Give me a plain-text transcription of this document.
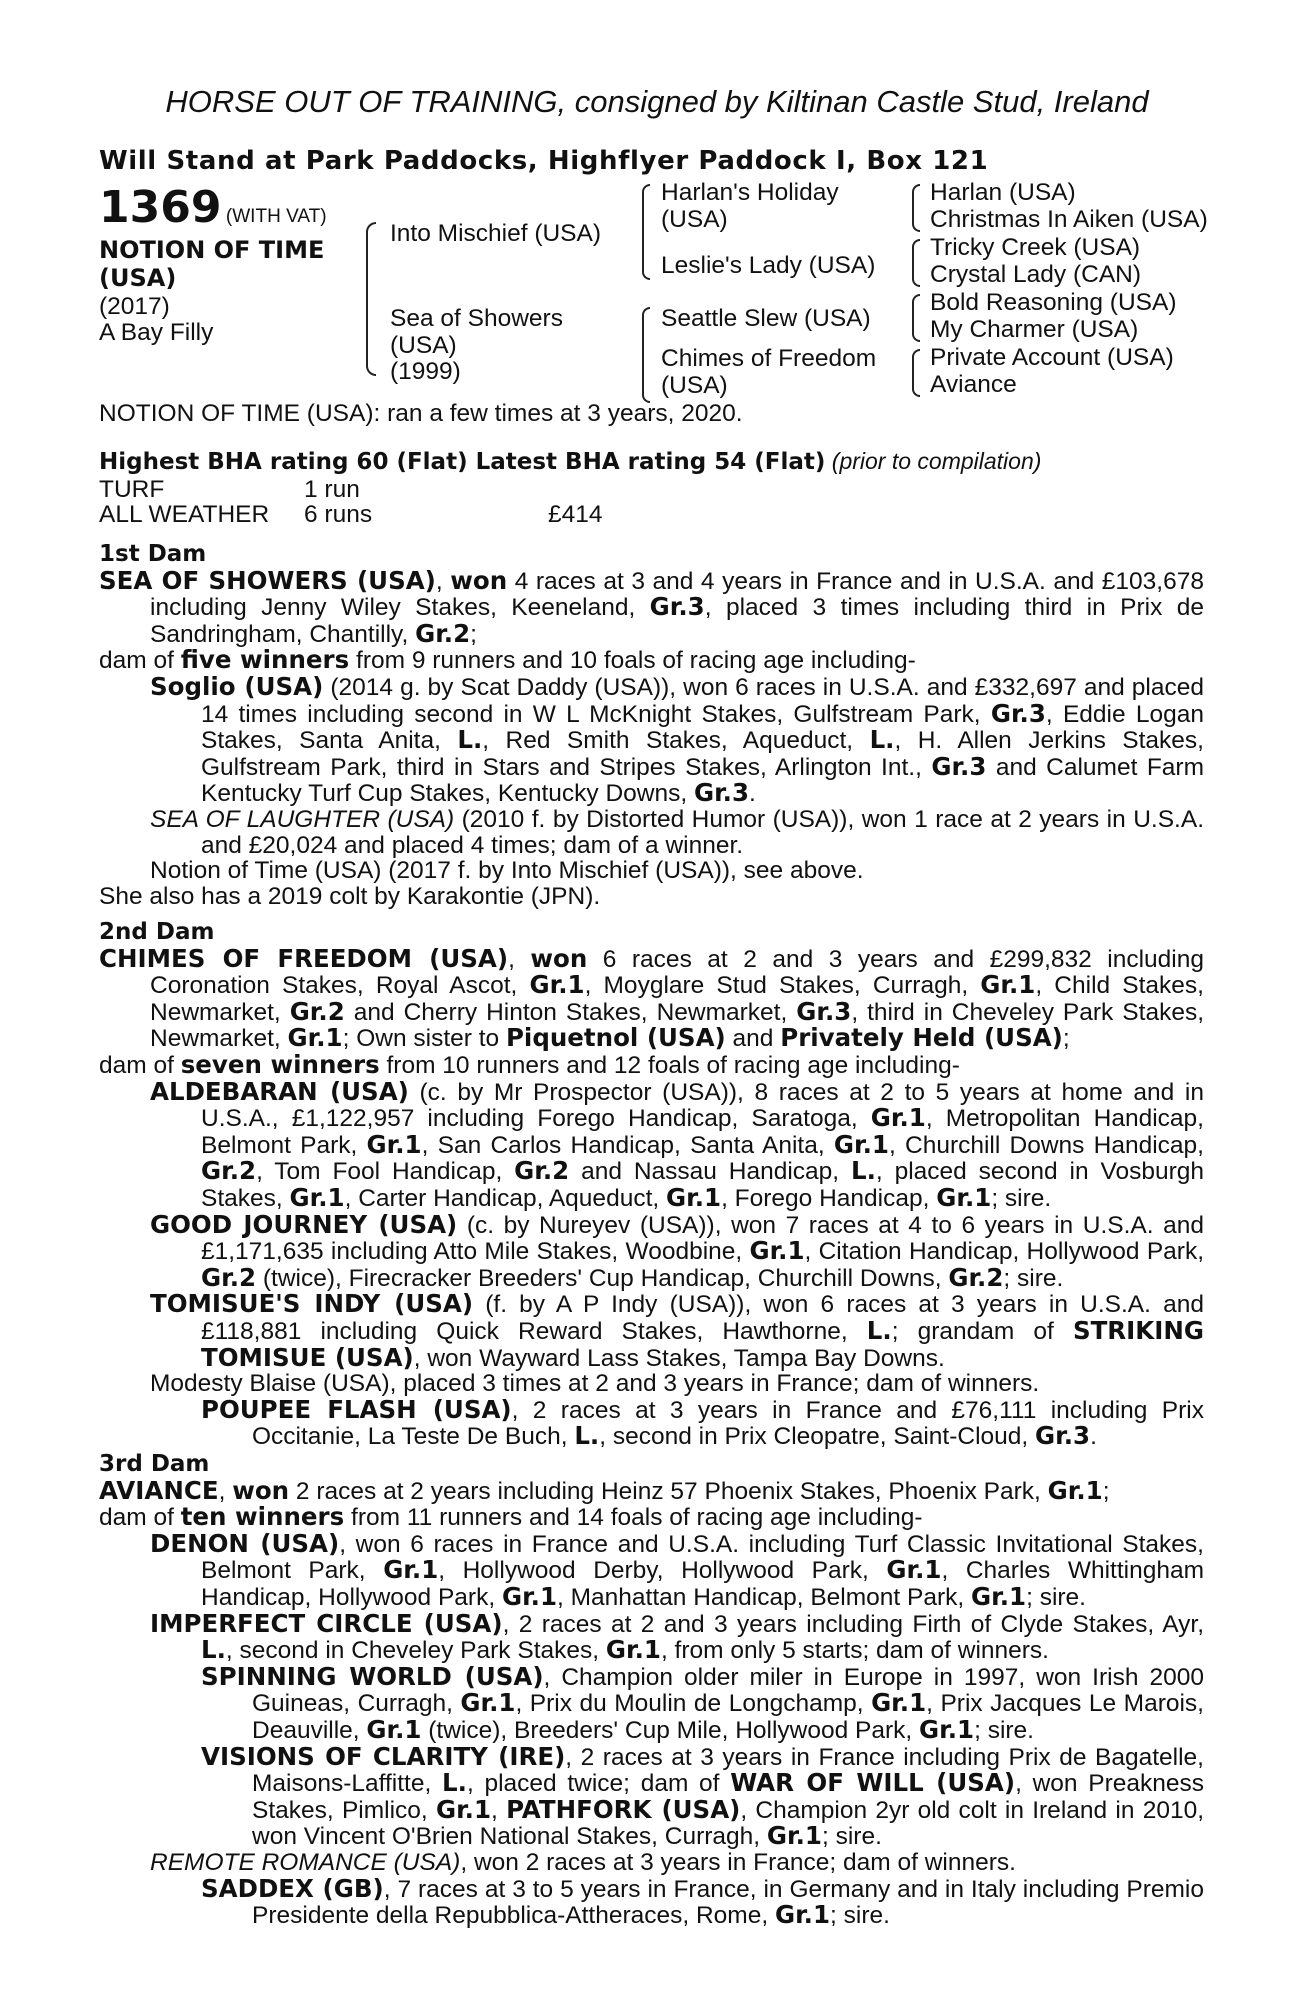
HORSE OUT OF TRAINING, consigned by Kiltinan Castle Stud, Ireland
Will Stand at Park Paddocks, Highflyer Paddock I, Box 121
1369 (WITH VAT)
NOTION OF TIME
(USA)
(2017)
A Bay Filly
Into Mischief (USA)
Sea of Showers
(USA)
(1999)
Harlan's Holiday
(USA)
Leslie's Lady (USA)
Seattle Slew (USA)
Chimes of Freedom
(USA)
Harlan (USA)
Christmas In Aiken (USA)
Tricky Creek (USA)
Crystal Lady (CAN)
Bold Reasoning (USA)
My Charmer (USA)
Private Account (USA)
Aviance
NOTION OF TIME (USA): ran a few times at 3 years, 2020.
Highest BHA rating 60 (Flat) Latest BHA rating 54 (Flat) (prior to compilation)
TURF	1 run
ALL WEATHER 6 runs	£414

1st Dam

SEA OF SHOWERS (USA), won 4 races at 3 and 4 years in France and in U.S.A. and £103,678 including Jenny Wiley Stakes, Keeneland, Gr.3, placed 3 times including third in Prix de Sandringham, Chantilly, Gr.2;

dam of five winners from 9 runners and 10 foals of racing age including-

Soglio (USA) (2014 g. by Scat Daddy (USA)), won 6 races in U.S.A. and £332,697 and placed 14 times including second in W L McKnight Stakes, Gulfstream Park, Gr.3, Eddie Logan Stakes, Santa Anita, L., Red Smith Stakes, Aqueduct, L., H. Allen Jerkins Stakes, Gulfstream Park, third in Stars and Stripes Stakes, Arlington Int., Gr.3 and Calumet Farm Kentucky Turf Cup Stakes, Kentucky Downs, Gr.3.

SEA OF LAUGHTER (USA) (2010 f. by Distorted Humor (USA)), won 1 race at 2 years in U.S.A. and £20,024 and placed 4 times; dam of a winner.

Notion of Time (USA) (2017 f. by Into Mischief (USA)), see above.

She also has a 2019 colt by Karakontie (JPN).

2nd Dam

CHIMES OF FREEDOM (USA), won 6 races at 2 and 3 years and £299,832 including Coronation Stakes, Royal Ascot, Gr.1, Moyglare Stud Stakes, Curragh, Gr.1, Child Stakes, Newmarket, Gr.2 and Cherry Hinton Stakes, Newmarket, Gr.3, third in Cheveley Park Stakes, Newmarket, Gr.1; Own sister to Piquetnol (USA) and Privately Held (USA);

dam of seven winners from 10 runners and 12 foals of racing age including-

ALDEBARAN (USA) (c. by Mr Prospector (USA)), 8 races at 2 to 5 years at home and in U.S.A., £1,122,957 including Forego Handicap, Saratoga, Gr.1, Metropolitan Handicap, Belmont Park, Gr.1, San Carlos Handicap, Santa Anita, Gr.1, Churchill Downs Handicap, Gr.2, Tom Fool Handicap, Gr.2 and Nassau Handicap, L., placed second in Vosburgh Stakes, Gr.1, Carter Handicap, Aqueduct, Gr.1, Forego Handicap, Gr.1; sire.

GOOD JOURNEY (USA) (c. by Nureyev (USA)), won 7 races at 4 to 6 years in U.S.A. and £1,171,635 including Atto Mile Stakes, Woodbine, Gr.1, Citation Handicap, Hollywood Park, Gr.2 (twice), Firecracker Breeders' Cup Handicap, Churchill Downs, Gr.2; sire.

TOMISUE'S INDY (USA) (f. by A P Indy (USA)), won 6 races at 3 years in U.S.A. and £118,881 including Quick Reward Stakes, Hawthorne, L.; grandam of STRIKING TOMISUE (USA), won Wayward Lass Stakes, Tampa Bay Downs.

Modesty Blaise (USA), placed 3 times at 2 and 3 years in France; dam of winners.

POUPEE FLASH (USA), 2 races at 3 years in France and £76,111 including Prix Occitanie, La Teste De Buch, L., second in Prix Cleopatre, Saint-Cloud, Gr.3.

3rd Dam

AVIANCE, won 2 races at 2 years including Heinz 57 Phoenix Stakes, Phoenix Park, Gr.1;

dam of ten winners from 11 runners and 14 foals of racing age including-

DENON (USA), won 6 races in France and U.S.A. including Turf Classic Invitational Stakes, Belmont Park, Gr.1, Hollywood Derby, Hollywood Park, Gr.1, Charles Whittingham Handicap, Hollywood Park, Gr.1, Manhattan Handicap, Belmont Park, Gr.1; sire.

IMPERFECT CIRCLE (USA), 2 races at 2 and 3 years including Firth of Clyde Stakes, Ayr, L., second in Cheveley Park Stakes, Gr.1, from only 5 starts; dam of winners.

SPINNING WORLD (USA), Champion older miler in Europe in 1997, won Irish 2000 Guineas, Curragh, Gr.1, Prix du Moulin de Longchamp, Gr.1, Prix Jacques Le Marois, Deauville, Gr.1 (twice), Breeders' Cup Mile, Hollywood Park, Gr.1; sire.

VISIONS OF CLARITY (IRE), 2 races at 3 years in France including Prix de Bagatelle, Maisons-Laffitte, L., placed twice; dam of WAR OF WILL (USA), won Preakness Stakes, Pimlico, Gr.1, PATHFORK (USA), Champion 2yr old colt in Ireland in 2010, won Vincent O'Brien National Stakes, Curragh, Gr.1; sire.

REMOTE ROMANCE (USA), won 2 races at 3 years in France; dam of winners.

SADDEX (GB), 7 races at 3 to 5 years in France, in Germany and in Italy including Premio Presidente della Repubblica-Attheraces, Rome, Gr.1; sire.
